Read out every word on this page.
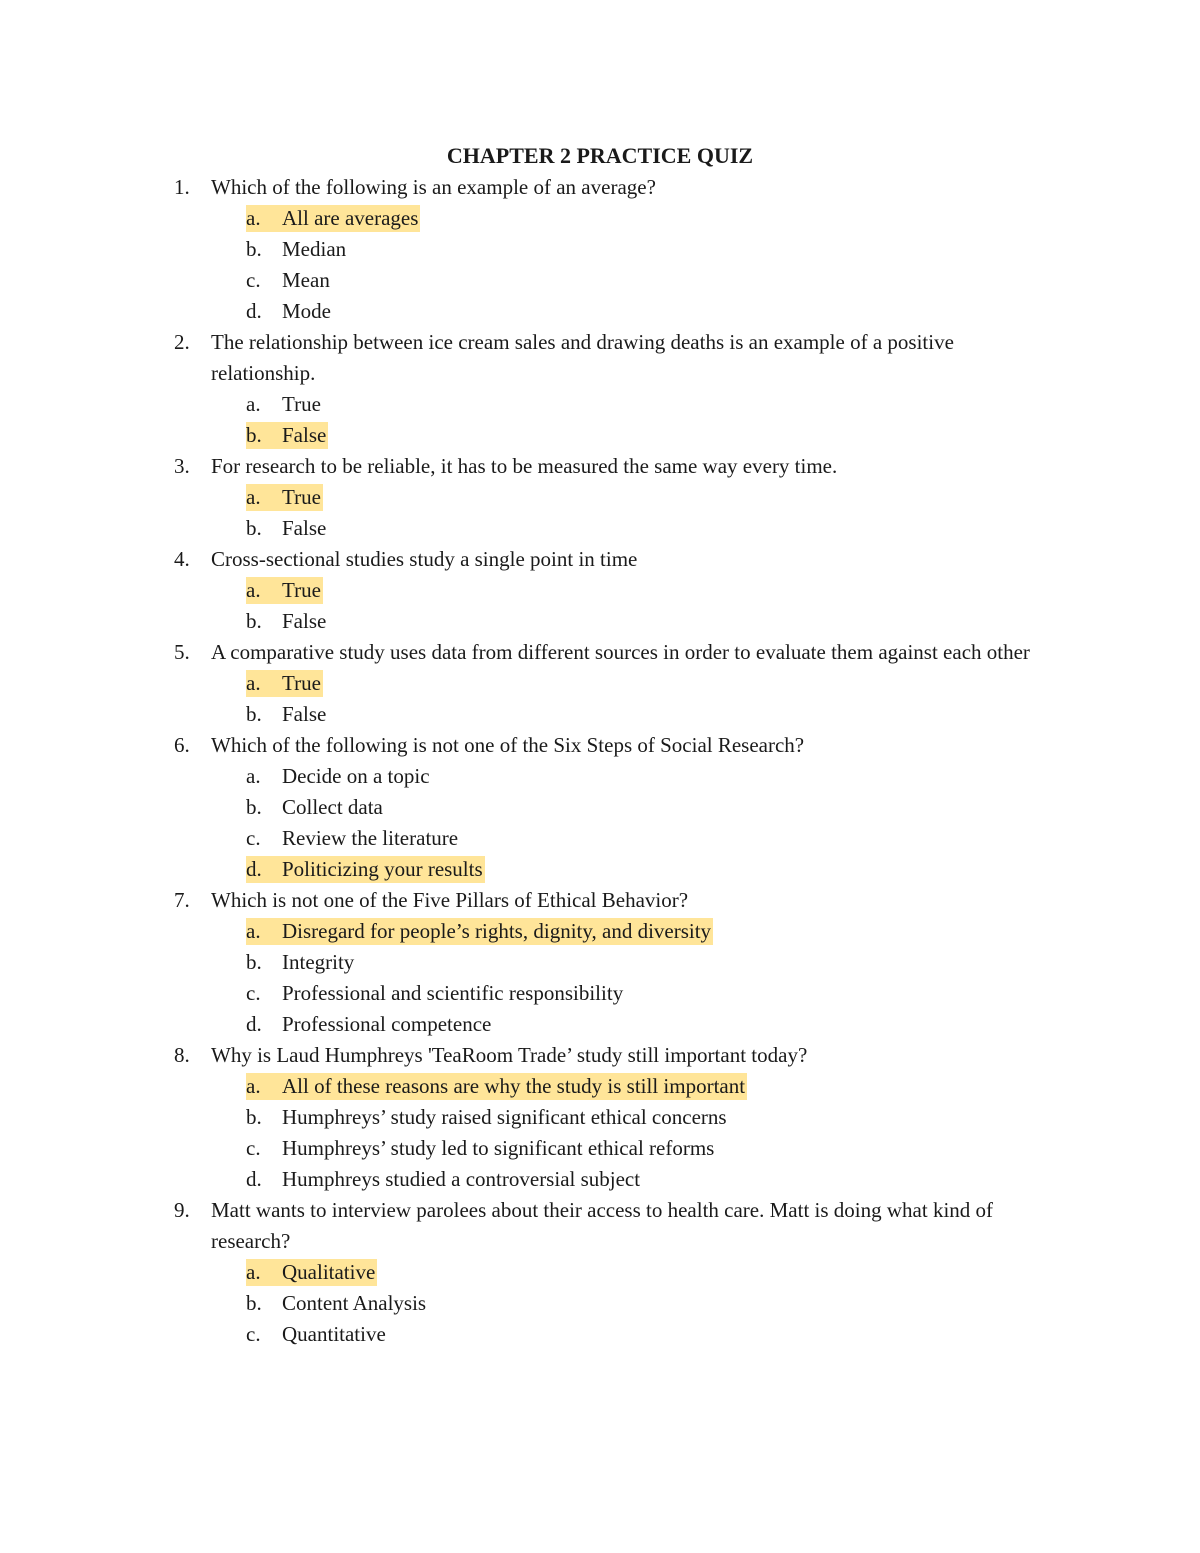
CHAPTER 2 PRACTICE QUIZ
1.	Which of the following is an example of an average?
a. All are averages
b. Median
c. Mean
d. Mode
2.	The relationship between ice cream sales and drawing deaths is an example of a positive relationship.
a. True
b. False
3.	For research to be reliable, it has to be measured the same way every time.
a. True
b. False
4.	Cross-sectional studies study a single point in time
a. True
b. False
5.	A comparative study uses data from different sources in order to evaluate them against each other
a. True
b. False
6.	Which of the following is not one of the Six Steps of Social Research?
a. Decide on a topic
b. Collect data
c. Review the literature
d. Politicizing your results
7.	Which is not one of the Five Pillars of Ethical Behavior?
a. Disregard for people’s rights, dignity, and diversity
b. Integrity
c. Professional and scientific responsibility
d. Professional competence
8.	Why is Laud Humphreys 'TeaRoom Trade’ study still important today?
a. All of these reasons are why the study is still important
b. Humphreys’ study raised significant ethical concerns
c. Humphreys’ study led to significant ethical reforms
d. Humphreys studied a controversial subject
9.	Matt wants to interview parolees about their access to health care. Matt is doing what kind of research?
a. Qualitative
b. Content Analysis
c. Quantitative
